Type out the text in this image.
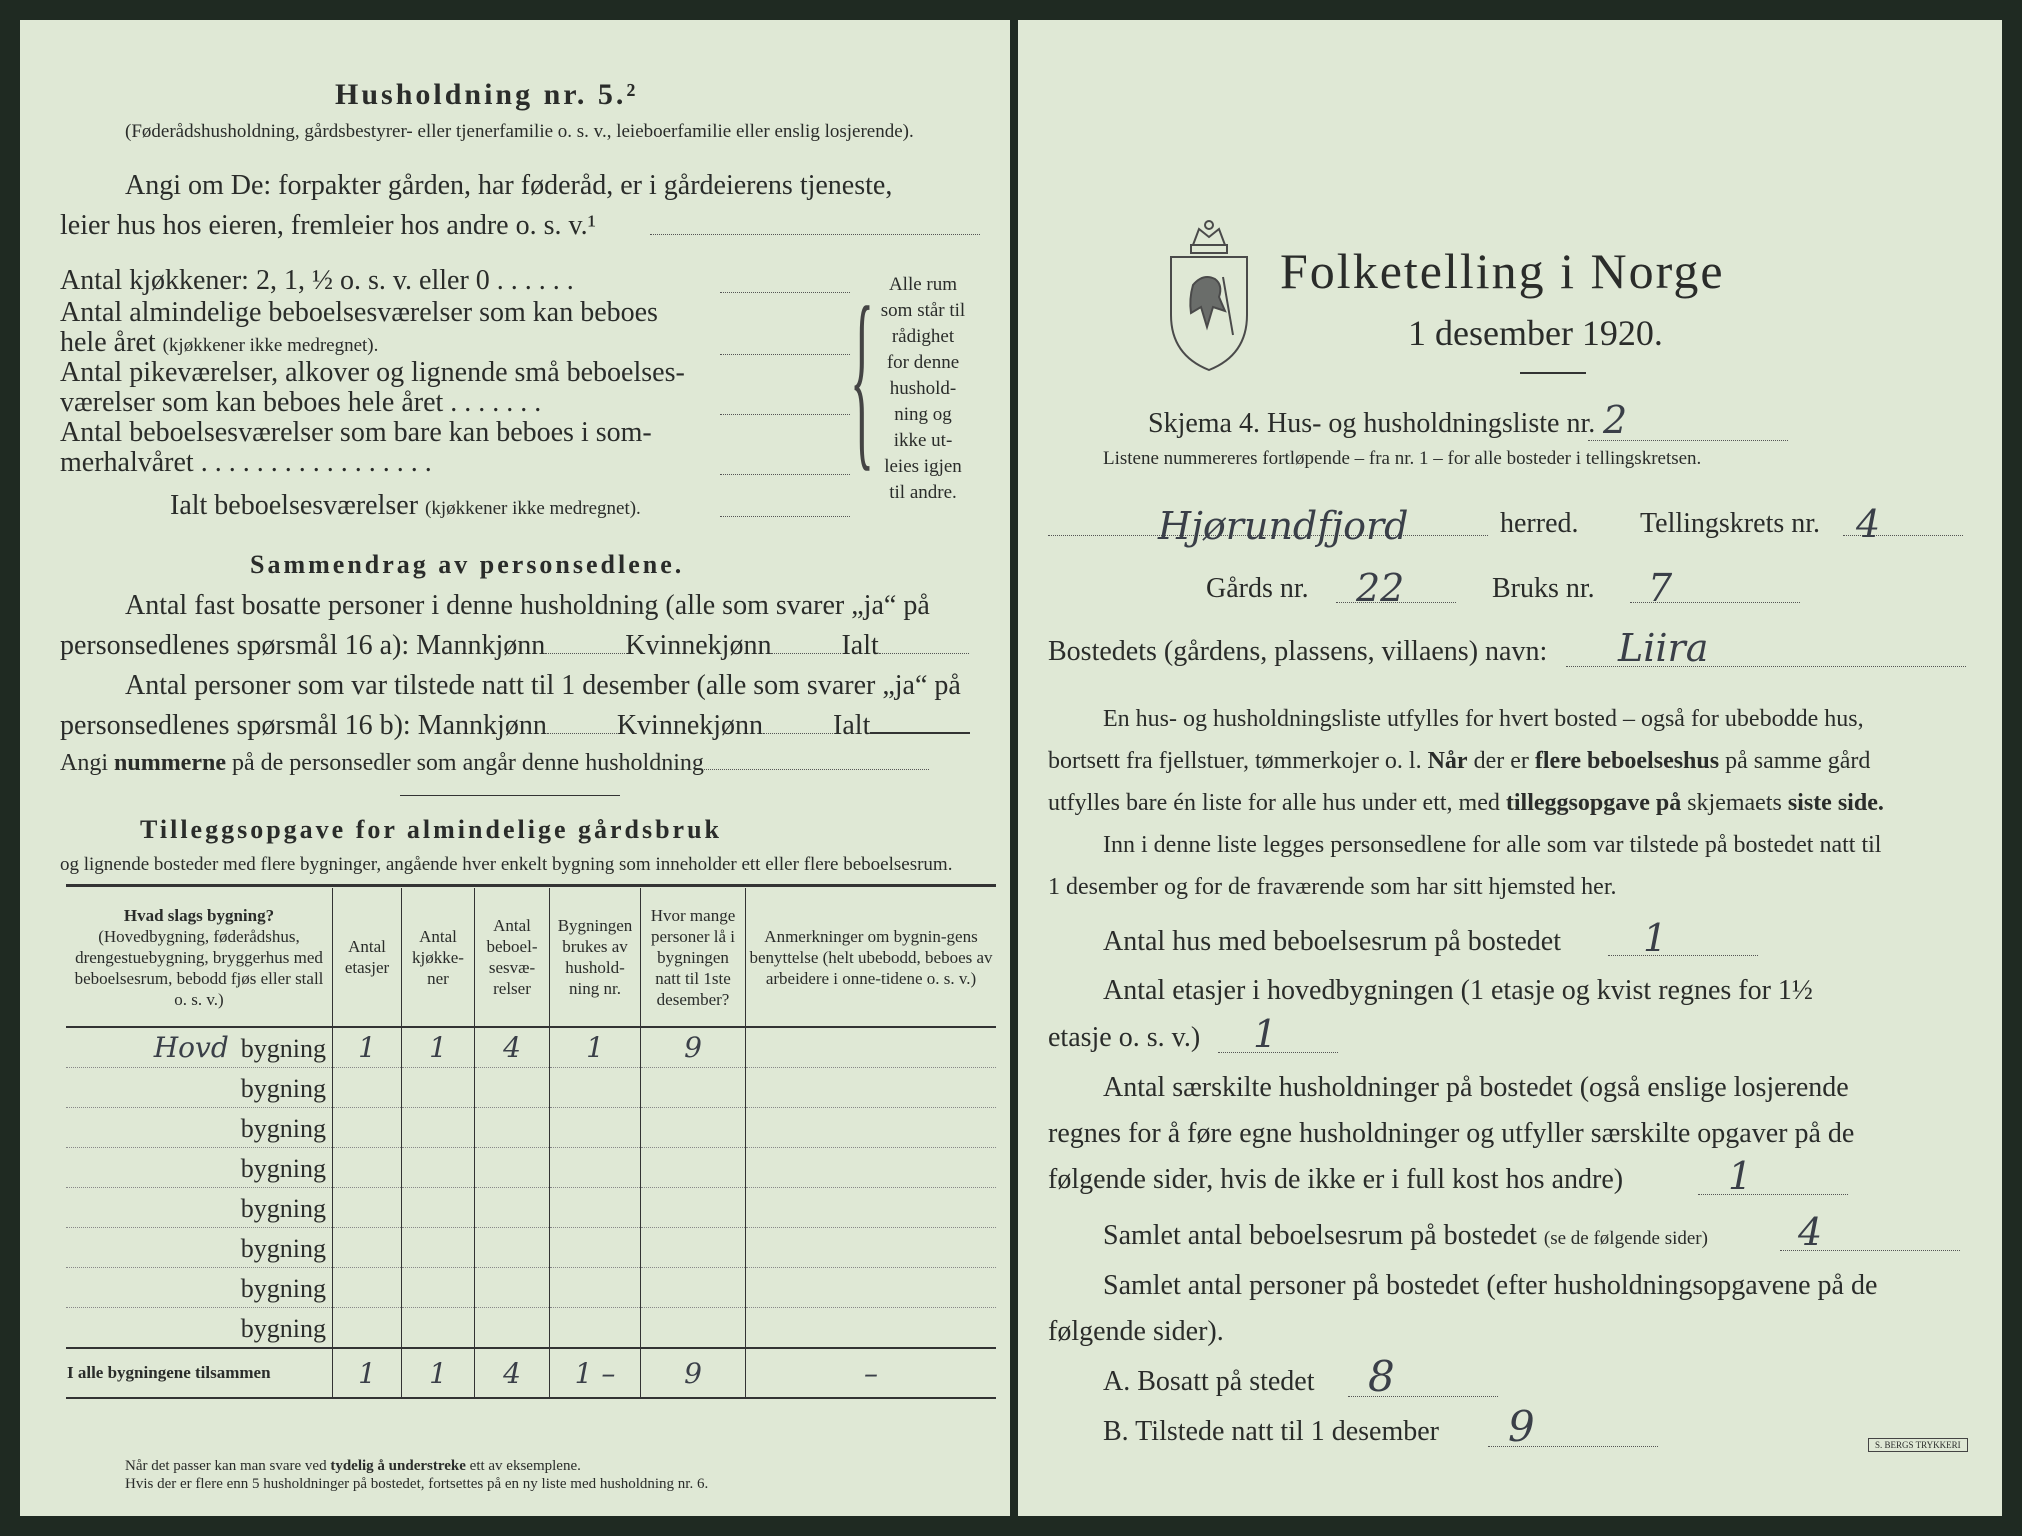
Husholdning nr. 5.²
(Føderådshusholdning, gårdsbestyrer- eller tjenerfamilie o. s. v., leieboerfamilie eller enslig losjerende).
Angi om De: forpakter gården, har føderåd, er i gårdeierens tjeneste,
leier hus hos eieren, fremleier hos andre o. s. v.¹
Antal kjøkkener: 2, 1, ½ o. s. v. eller 0 . . . . . .
Antal almindelige beboelsesværelser som kan beboes
hele året (kjøkkener ikke medregnet).
Antal pikeværelser, alkover og lignende små beboelses-
værelser som kan beboes hele året . . . . . . .
Antal beboelsesværelser som bare kan beboes i som-
merhalvåret . . . . . . . . . . . . . . . . .
Ialt beboelsesværelser (kjøkkener ikke medregnet).
{ Alle rum
som står til
rådighet
for denne
hushold-
ning og
ikke ut-
leies igjen
til andre.
Sammendrag av personsedlene.
Antal fast bosatte personer i denne husholdning (alle som svarer „ja“ på
personsedlenes spørsmål 16 a): Mannkjønn	Kvinnekjønn	Ialt
Antal personer som var tilstede natt til 1 desember (alle som svarer „ja“ på
personsedlenes spørsmål 16 b): Mannkjønn	Kvinnekjønn	Ialt
Angi nummerne på de personsedler som angår denne husholdning
Tilleggsopgave for almindelige gårdsbruk
og lignende bosteder med flere bygninger, angående hver enkelt bygning som inneholder ett eller flere beboelsesrum.
Hvad slags bygning?
(Hovedbygning, føderådshus, drengestuebygning, bryggerhus med beboelsesrum, bebodd fjøs eller stall o. s. v.)	Antal etasjer	Antal kjøkke-ner	Antal beboel-sesvæ-relser	Bygningen brukes av hushold-ning nr.	Hvor mange personer lå i bygningen natt til 1ste desember?	Anmerkninger om bygnin-gens benyttelse (helt ubebodd, beboes av arbeidere i onne-tidene o. s. v.)
Hovd bygning	1	1	4	1	9	
bygning						
bygning						
bygning						
bygning						
bygning						
bygning						
bygning						
I alle bygningene tilsammen	1	1	4	1 –	9	–
Når det passer kan man svare ved tydelig å understreke ett av eksemplene.
Hvis der er flere enn 5 husholdninger på bostedet, fortsettes på en ny liste med husholdning nr. 6.
Folketelling i Norge
1 desember 1920.
Skjema 4. Hus- og husholdningsliste nr. 2
Listene nummereres fortløpende – fra nr. 1 – for alle bosteder i tellingskretsen.
Hjørundfjord	herred. Tellingskrets nr. 4
Gårds nr. 22	Bruks nr. 7
Bostedets (gårdens, plassens, villaens) navn: Liira
En hus- og husholdningsliste utfylles for hvert bosted – også for ubebodde hus,
bortsett fra fjellstuer, tømmerkojer o. l. Når der er flere beboelseshus på samme gård
utfylles bare én liste for alle hus under ett, med tilleggsopgave på skjemaets siste side.
Inn i denne liste legges personsedlene for alle som var tilstede på bostedet natt til
1 desember og for de fraværende som har sitt hjemsted her.
Antal hus med beboelsesrum på bostedet 1
Antal etasjer i hovedbygningen (1 etasje og kvist regnes for 1½
etasje o. s. v.) 1
Antal særskilte husholdninger på bostedet (også enslige losjerende
regnes for å føre egne husholdninger og utfyller særskilte opgaver på de
følgende sider, hvis de ikke er i full kost hos andre)	1
Samlet antal beboelsesrum på bostedet (se de følgende sider) 4
Samlet antal personer på bostedet (efter husholdningsopgavene på de
følgende sider).
A. Bosatt på stedet 8
B. Tilstede natt til 1 desember 9	S. BERGS TRYKKERI
